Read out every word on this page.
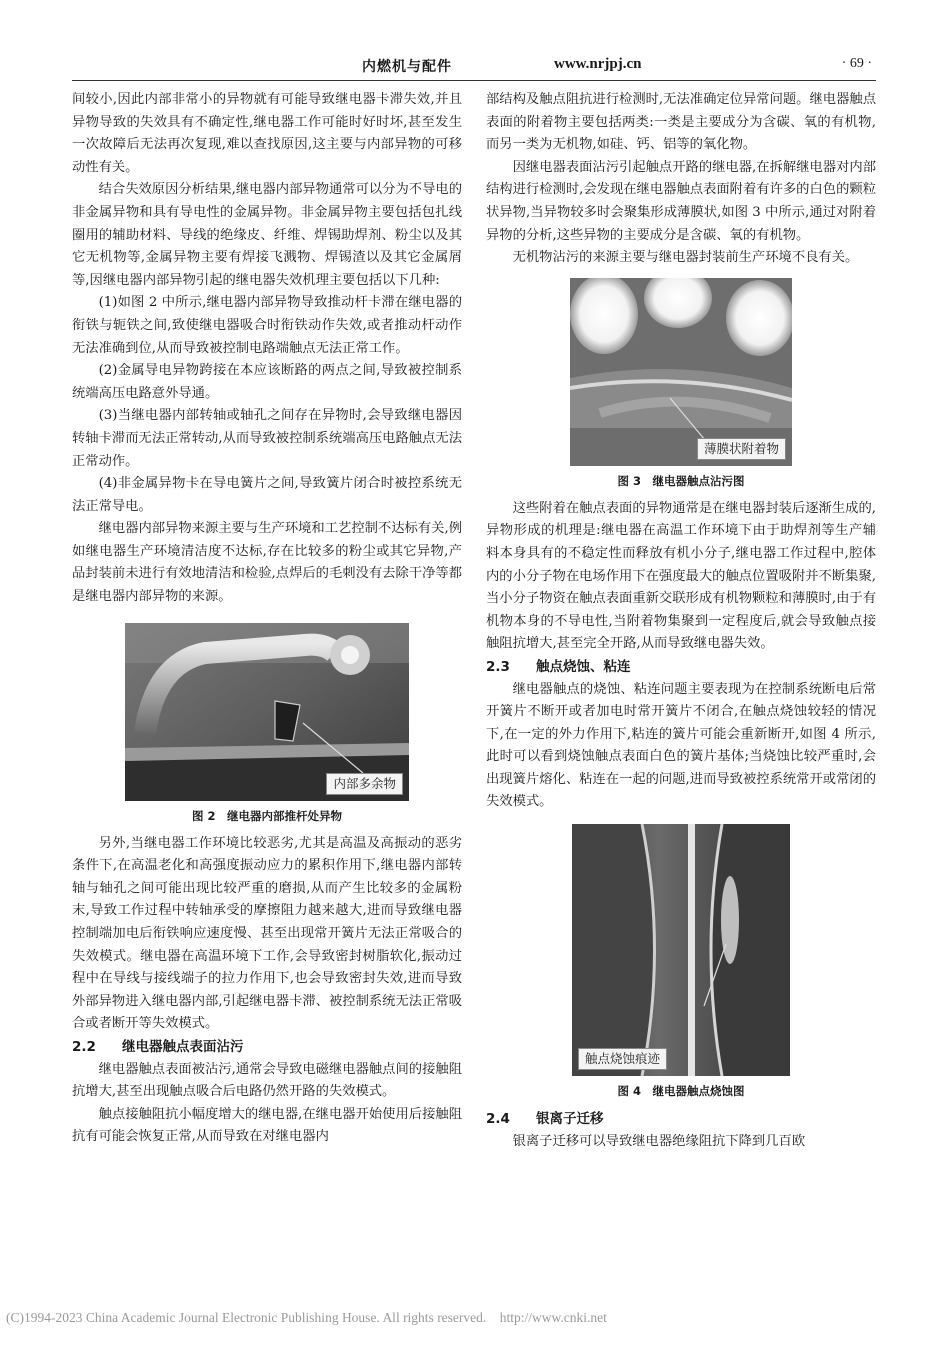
内燃机与配件	www.nrjpj.cn	· 69 ·

间较小,因此内部非常小的异物就有可能导致继电器卡滞失效,并且异物导致的失效具有不确定性,继电器工作可能时好时坏,甚至发生一次故障后无法再次复现,难以查找原因,这主要与内部异物的可移动性有关。

结合失效原因分析结果,继电器内部异物通常可以分为不导电的非金属异物和具有导电性的金属异物。非金属异物主要包括包扎线圈用的辅助材料、导线的绝缘皮、纤维、焊锡助焊剂、粉尘以及其它无机物等,金属异物主要有焊接飞溅物、焊锡渣以及其它金属屑等,因继电器内部异物引起的继电器失效机理主要包括以下几种:

(1)如图 2 中所示,继电器内部异物导致推动杆卡滞在继电器的衔铁与轭铁之间,致使继电器吸合时衔铁动作失效,或者推动杆动作无法准确到位,从而导致被控制电路端触点无法正常工作。

(2)金属导电异物跨接在本应该断路的两点之间,导致被控制系统端高压电路意外导通。

(3)当继电器内部转轴或轴孔之间存在异物时,会导致继电器因转轴卡滞而无法正常转动,从而导致被控制系统端高压电路触点无法正常动作。

(4)非金属异物卡在导电簧片之间,导致簧片闭合时被控系统无法正常导电。

继电器内部异物来源主要与生产环境和工艺控制不达标有关,例如继电器生产环境清洁度不达标,存在比较多的粉尘或其它异物,产品封装前未进行有效地清洁和检验,点焊后的毛刺没有去除干净等都是继电器内部异物的来源。

内部多余物
图 2　继电器内部推杆处异物

另外,当继电器工作环境比较恶劣,尤其是高温及高振动的恶劣条件下,在高温老化和高强度振动应力的累积作用下,继电器内部转轴与轴孔之间可能出现比较严重的磨损,从而产生比较多的金属粉末,导致工作过程中转轴承受的摩擦阻力越来越大,进而导致继电器控制端加电后衔铁响应速度慢、甚至出现常开簧片无法正常吸合的失效模式。继电器在高温环境下工作,会导致密封树脂软化,振动过程中在导线与接线端子的拉力作用下,也会导致密封失效,进而导致外部异物进入继电器内部,引起继电器卡滞、被控制系统无法正常吸合或者断开等失效模式。

2.2 继电器触点表面沾污

继电器触点表面被沾污,通常会导致电磁继电器触点间的接触阻抗增大,甚至出现触点吸合后电路仍然开路的失效模式。

触点接触阻抗小幅度增大的继电器,在继电器开始使用后接触阻抗有可能会恢复正常,从而导致在对继电器内

部结构及触点阻抗进行检测时,无法准确定位异常问题。继电器触点表面的附着物主要包括两类:一类是主要成分为含碳、氧的有机物,而另一类为无机物,如硅、钙、铝等的氧化物。

因继电器表面沾污引起触点开路的继电器,在拆解继电器对内部结构进行检测时,会发现在继电器触点表面附着有许多的白色的颗粒状异物,当异物较多时会聚集形成薄膜状,如图 3 中所示,通过对附着异物的分析,这些异物的主要成分是含碳、氧的有机物。

无机物沾污的来源主要与继电器封装前生产环境不良有关。

薄膜状附着物
图 3　继电器触点沾污图

这些附着在触点表面的异物通常是在继电器封装后逐渐生成的,异物形成的机理是:继电器在高温工作环境下由于助焊剂等生产辅料本身具有的不稳定性而释放有机小分子,继电器工作过程中,腔体内的小分子物在电场作用下在强度最大的触点位置吸附并不断集聚,当小分子物资在触点表面重新交联形成有机物颗粒和薄膜时,由于有机物本身的不导电性,当附着物集聚到一定程度后,就会导致触点接触阻抗增大,甚至完全开路,从而导致继电器失效。

2.3 触点烧蚀、粘连

继电器触点的烧蚀、粘连问题主要表现为在控制系统断电后常开簧片不断开或者加电时常开簧片不闭合,在触点烧蚀较轻的情况下,在一定的外力作用下,粘连的簧片可能会重新断开,如图 4 所示,此时可以看到烧蚀触点表面白色的簧片基体;当烧蚀比较严重时,会出现簧片熔化、粘连在一起的问题,进而导致被控系统常开或常闭的失效模式。

触点烧蚀痕迹
图 4　继电器触点烧蚀图
2.4 银离子迁移

银离子迁移可以导致继电器绝缘阻抗下降到几百欧

(C)1994-2023 China Academic Journal Electronic Publishing House. All rights reserved.　http://www.cnki.net
